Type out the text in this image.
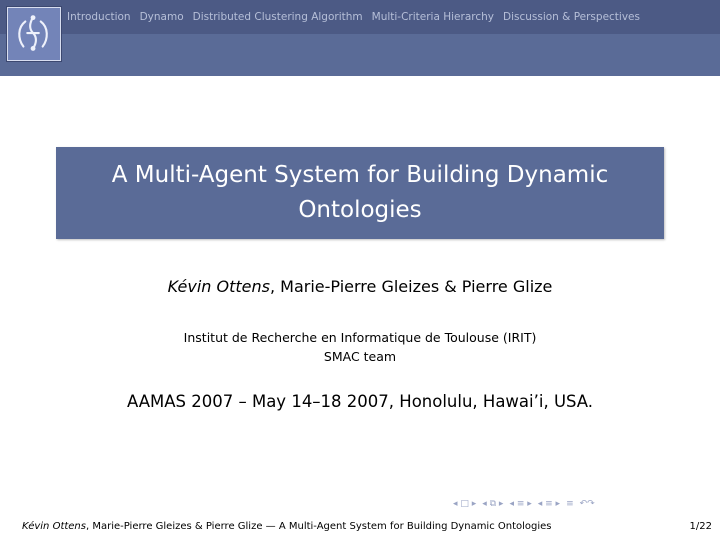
Introduction Dynamo Distributed Clustering Algorithm Multi-Criteria Hierarchy Discussion & Perspectives
A Multi-Agent System for Building Dynamic
Ontologies
Kévin Ottens, Marie-Pierre Gleizes & Pierre Glize
Institut de Recherche en Informatique de Toulouse (IRIT)
SMAC team
AAMAS 2007 – May 14–18 2007, Honolulu, Hawai’i, USA.
◂ □ ▸ ◂ ⧉ ▸ ◂ ≡ ▸ ◂ ≡ ▸ ≡ ↶↷
Kévin Ottens, Marie-Pierre Gleizes & Pierre Glize — A Multi-Agent System for Building Dynamic Ontologies	1/22
